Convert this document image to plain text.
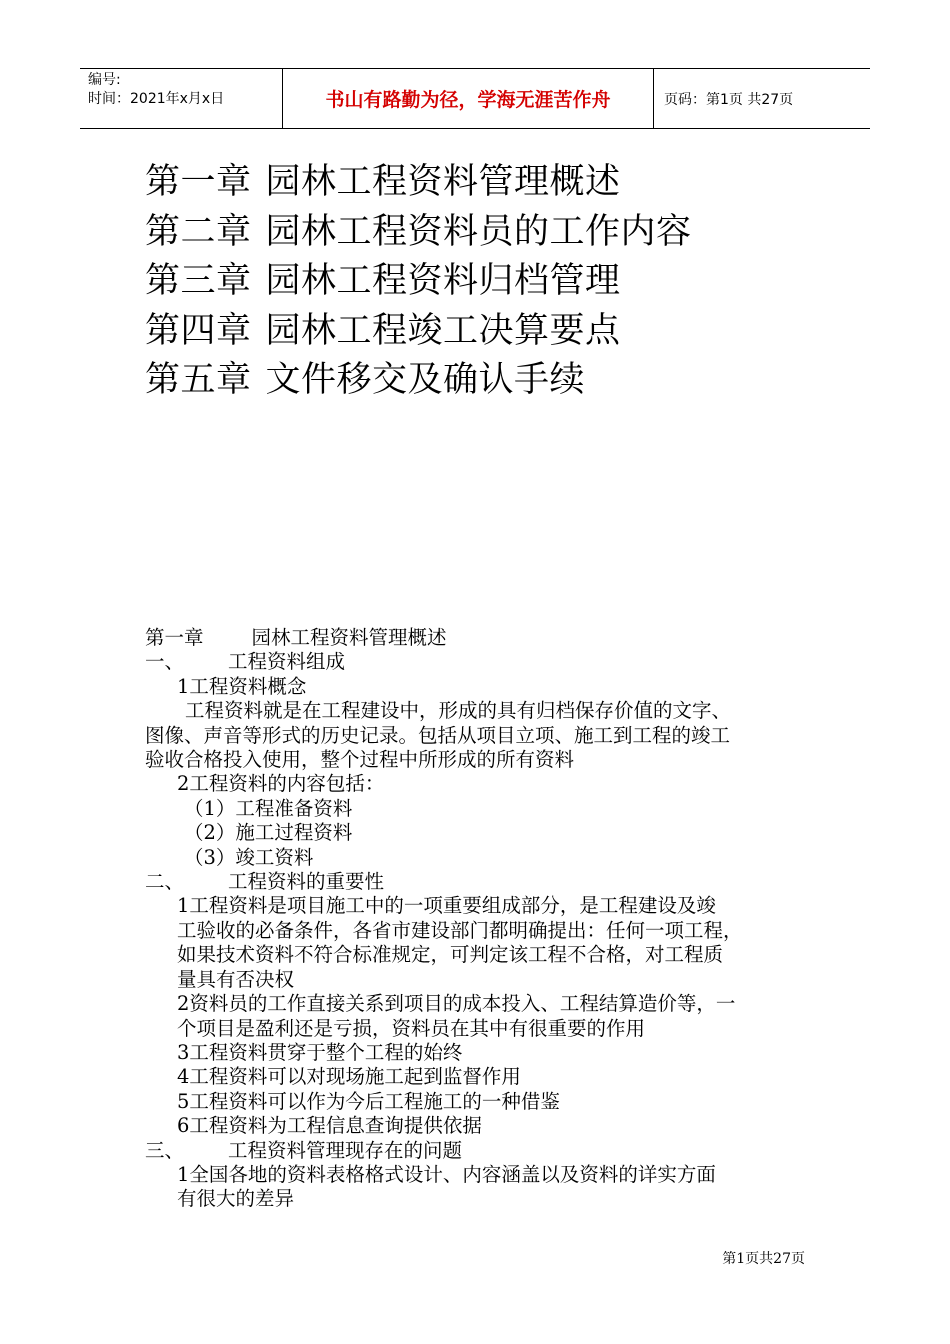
编号:
时间：2021年x月x日	书山有路勤为径，学海无涯苦作舟	页码：第1页 共27页
第一章 园林工程资料管理概述
第二章 园林工程资料员的工作内容
第三章 园林工程资料归档管理
第四章 园林工程竣工决算要点
第五章 文件移交及确认手续
第一章 园林工程资料管理概述
一、 工程资料组成
1工程资料概念
工程资料就是在工程建设中，形成的具有归档保存价值的文字、
图像、声音等形式的历史记录。包括从项目立项、施工到工程的竣工
验收合格投入使用，整个过程中所形成的所有资料
2工程资料的内容包括：
（1）工程准备资料
（2）施工过程资料
（3）竣工资料
二、 工程资料的重要性
1工程资料是项目施工中的一项重要组成部分，是工程建设及竣
工验收的必备条件，各省市建设部门都明确提出：任何一项工程，
如果技术资料不符合标准规定，可判定该工程不合格，对工程质
量具有否决权
2资料员的工作直接关系到项目的成本投入、工程结算造价等，一
个项目是盈利还是亏损，资料员在其中有很重要的作用
3工程资料贯穿于整个工程的始终
4工程资料可以对现场施工起到监督作用
5工程资料可以作为今后工程施工的一种借鉴
6工程资料为工程信息查询提供依据
三、 工程资料管理现存在的问题
1全国各地的资料表格格式设计、内容涵盖以及资料的详实方面
有很大的差异
第1页共27页
